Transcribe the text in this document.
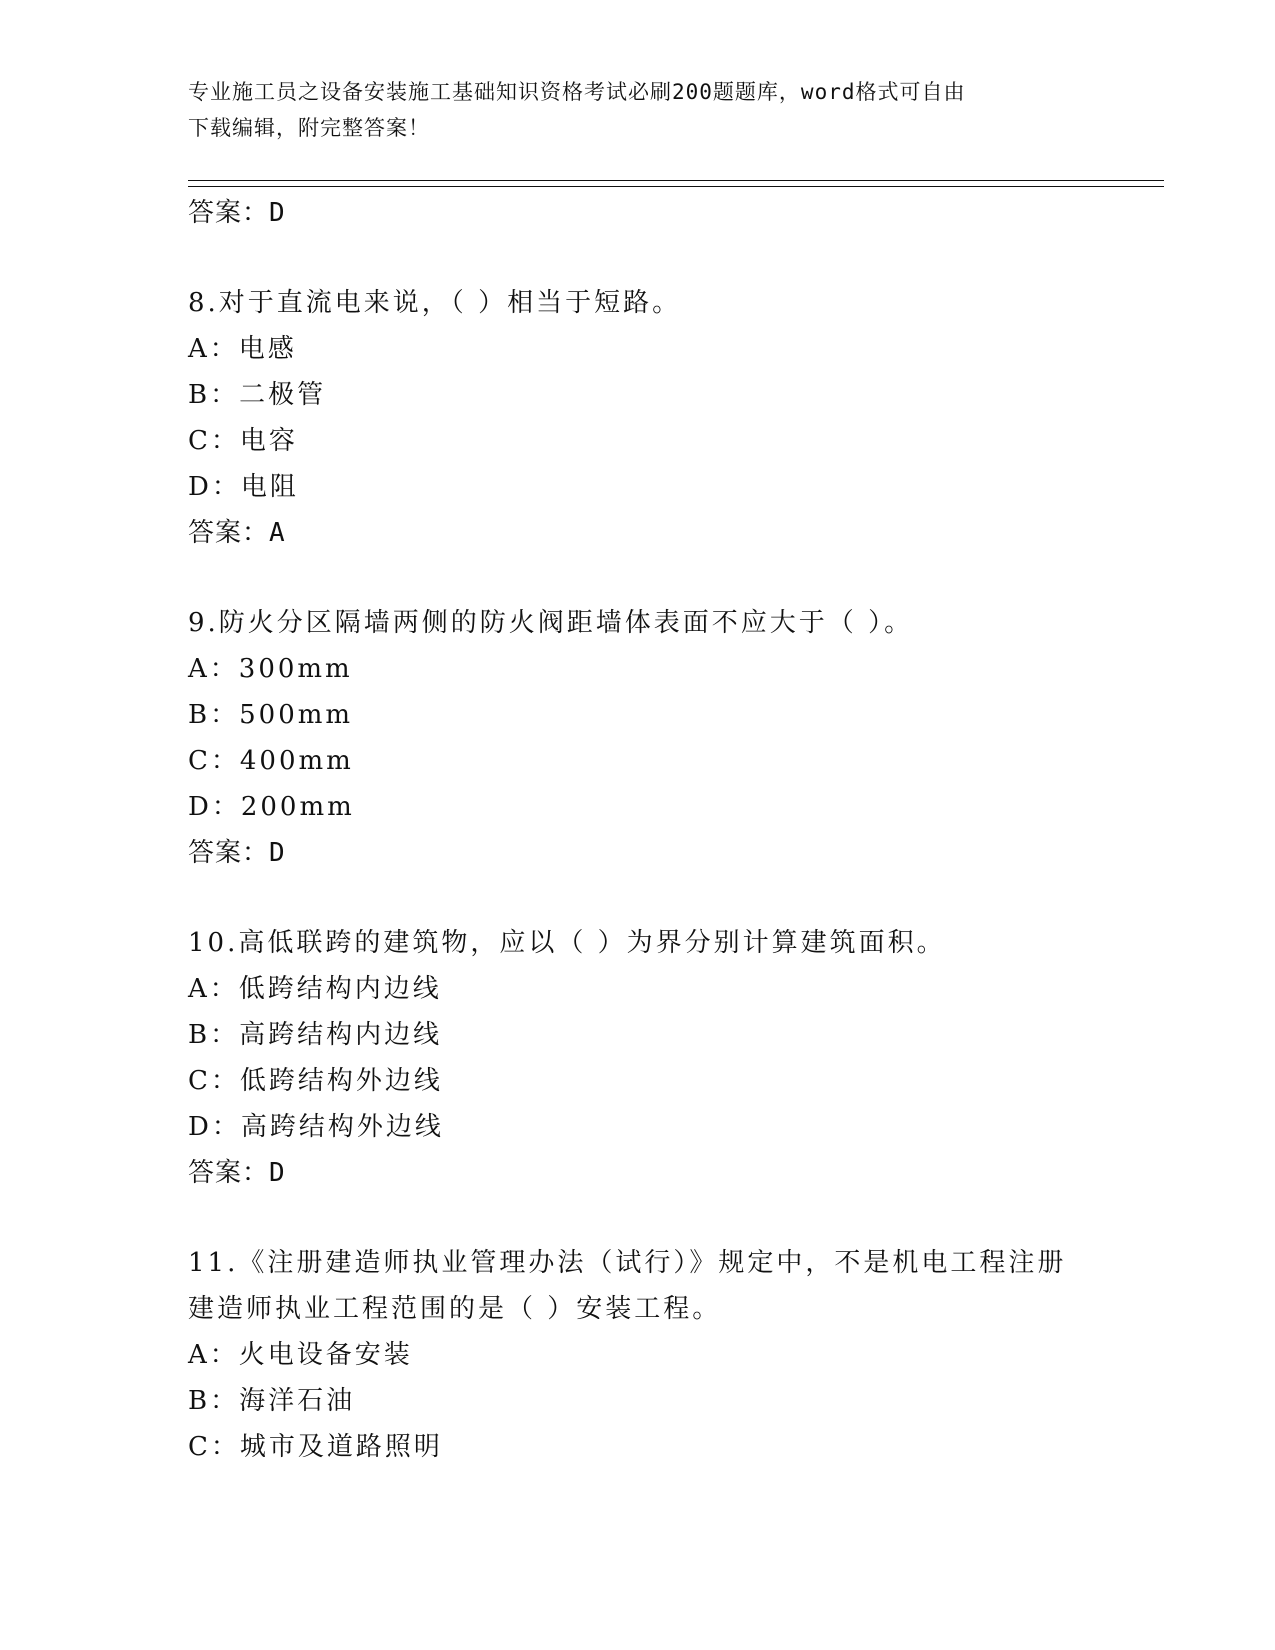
专业施工员之设备安装施工基础知识资格考试必刷200题题库，word格式可自由

下载编辑，附完整答案！

答案：D
8.对于直流电来说，（ ）相当于短路。
A：电感
B：二极管
C：电容
D：电阻
答案：A
9.防火分区隔墙两侧的防火阀距墙体表面不应大于（ ）。
A：300mm
B：500mm
C：400mm
D：200mm
答案：D
10.高低联跨的建筑物，应以（ ）为界分别计算建筑面积。
A：低跨结构内边线
B：高跨结构内边线
C：低跨结构外边线
D：高跨结构外边线
答案：D
11.《注册建造师执业管理办法（试行）》规定中，不是机电工程注册
建造师执业工程范围的是（ ）安装工程。
A：火电设备安装
B：海洋石油
C：城市及道路照明
